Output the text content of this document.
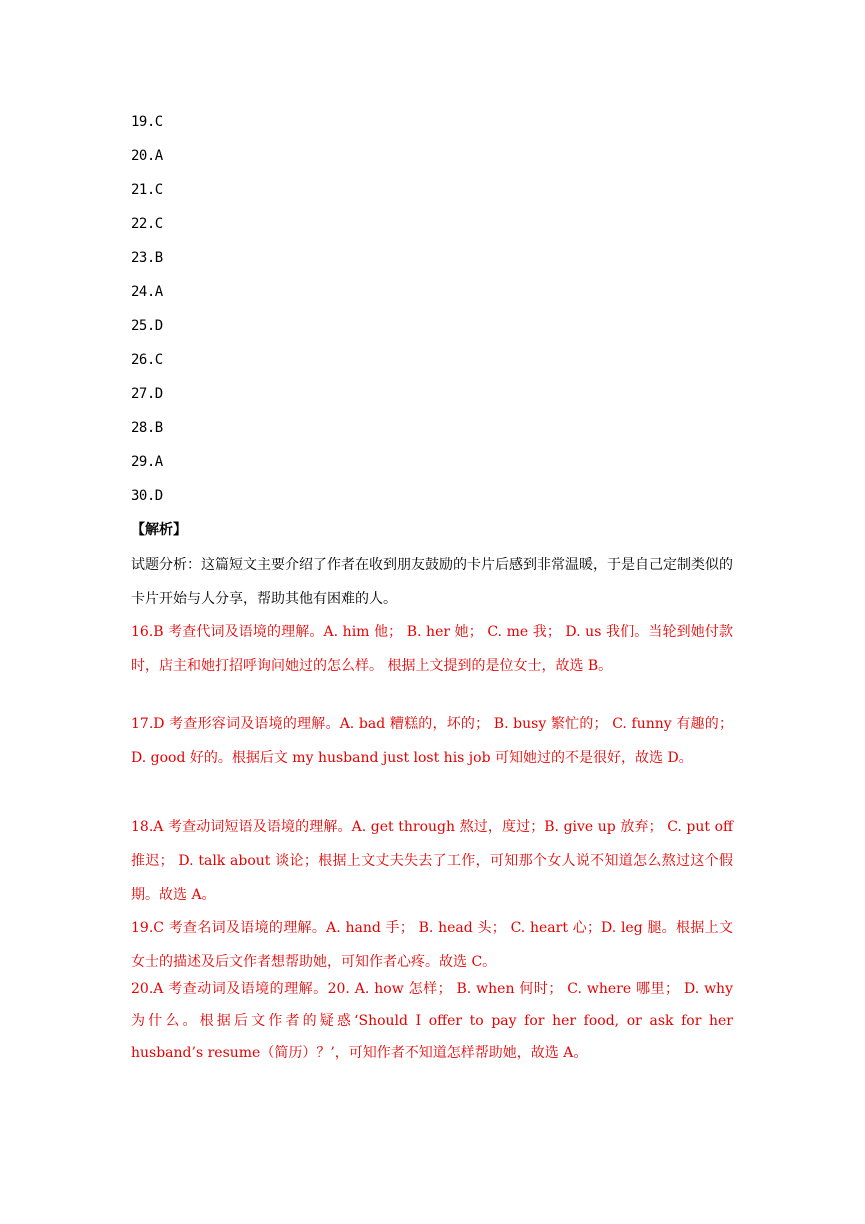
19.C
20.A
21.C
22.C
23.B
24.A
25.D
26.C
27.D
28.B
29.A
30.D
【解析】
试题分析：这篇短文主要介绍了作者在收到朋友鼓励的卡片后感到非常温暖，于是自己定制类似的卡片开始与人分享，帮助其他有困难的人。
16.B 考查代词及语境的理解。A. him 他； B. her 她； C. me 我； D. us 我们。当轮到她付款时，店主和她打招呼询问她过的怎么样。 根据上文提到的是位女士，故选 B。
17.D 考查形容词及语境的理解。A. bad 糟糕的，坏的； B. busy 繁忙的； C. funny 有趣的； D. good 好的。根据后文 my husband just lost his job 可知她过的不是很好，故选 D。
18.A 考查动词短语及语境的理解。A. get through 熬过，度过；B. give up 放弃； C. put off 推迟； D. talk about 谈论；根据上文丈夫失去了工作，可知那个女人说不知道怎么熬过这个假期。故选 A。
19.C 考查名词及语境的理解。A. hand 手； B. head 头； C. heart 心；D. leg 腿。根据上文女士的描述及后文作者想帮助她，可知作者心疼。故选 C。
20.A 考查动词及语境的理解。20. A. how 怎样； B. when 何时； C. where 哪里； D. why 为什么。根据后文作者的疑惑‘Should I offer to pay for her food, or ask for her husband’s resume（简历）？’，可知作者不知道怎样帮助她，故选 A。
